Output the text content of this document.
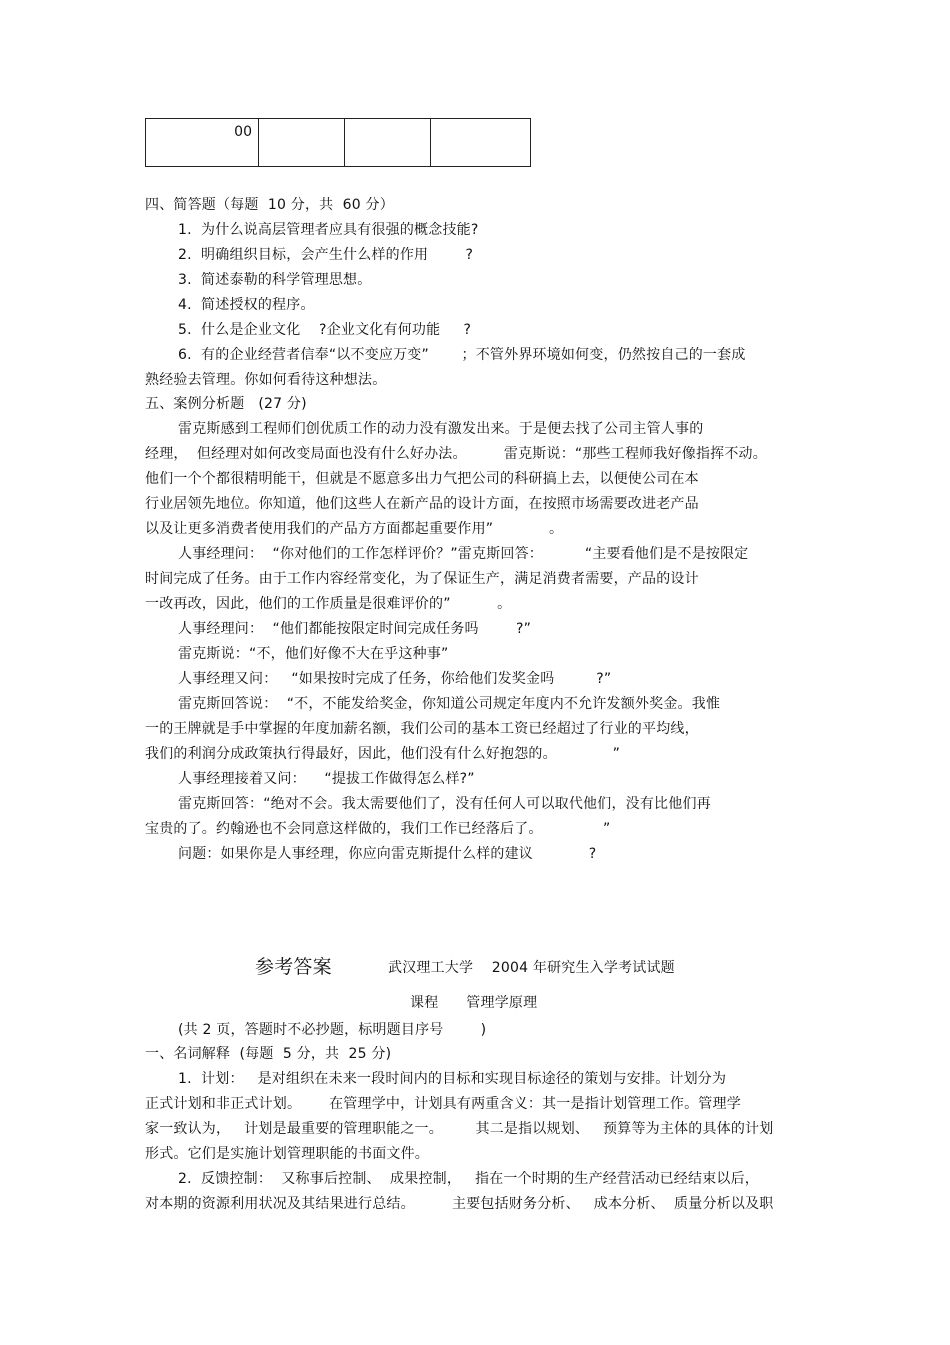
00			
四、简答题（每题  10 分，共  60 分）
1.  为什么说高层管理者应具有很强的概念技能?
2.  明确组织目标，会产生什么样的作用        ?
3.  简述泰勒的科学管理思想。
4.  简述授权的程序。
5.  什么是企业文化    ?企业文化有何功能     ?
6.  有的企业经营者信奉“以不变应万变”       ；不管外界环境如何变，仍然按自己的一套成
熟经验去管理。你如何看待这种想法。
五、案例分析题   (27 分)
雷克斯感到工程师们创优质工作的动力没有激发出来。于是便去找了公司主管人事的
经理，  但经理对如何改变局面也没有什么好办法。        雷克斯说：“那些工程师我好像指挥不动。
他们一个个都很精明能干，但就是不愿意多出力气把公司的科研搞上去，以便使公司在本
行业居领先地位。你知道，他们这些人在新产品的设计方面，在按照市场需要改进老产品
以及让更多消费者使用我们的产品方方面都起重要作用”            。
人事经理问：  “你对他们的工作怎样评价？”雷克斯回答：         “主要看他们是不是按限定
时间完成了任务。由于工作内容经常变化，为了保证生产，满足消费者需要，产品的设计
一改再改，因此，他们的工作质量是很难评价的”          。
人事经理问：  “他们都能按限定时间完成任务吗        ?”
雷克斯说：“不，他们好像不大在乎这种事”
人事经理又问：   “如果按时完成了任务，你给他们发奖金吗         ?”
雷克斯回答说：  “不，不能发给奖金，你知道公司规定年度内不允许发额外奖金。我惟
一的王牌就是手中掌握的年度加薪名额，我们公司的基本工资已经超过了行业的平均线，
我们的利润分成政策执行得最好，因此，他们没有什么好抱怨的。            ”
人事经理接着又问：    “提拔工作做得怎么样?”
雷克斯回答：“绝对不会。我太需要他们了，没有任何人可以取代他们，没有比他们再
宝贵的了。约翰逊也不会同意这样做的，我们工作已经落后了。             ”
问题：如果你是人事经理，你应向雷克斯提什么样的建议            ?
参考答案	武汉理工大学    2004 年研究生入学考试试题
课程      管理学原理
(共 2 页，答题时不必抄题，标明题目序号        )
一、名词解释  (每题  5 分，共  25 分)
1.  计划：   是对组织在未来一段时间内的目标和实现目标途径的策划与安排。计划分为
正式计划和非正式计划。      在管理学中，计划具有两重含义：其一是指计划管理工作。管理学
家一致认为，   计划是最重要的管理职能之一。       其二是指以规划、   预算等为主体的具体的计划
形式。它们是实施计划管理职能的书面文件。
2.  反馈控制：  又称事后控制、  成果控制，   指在一个时期的生产经营活动已经结束以后，
对本期的资源利用状况及其结果进行总结。        主要包括财务分析、   成本分析、  质量分析以及职
